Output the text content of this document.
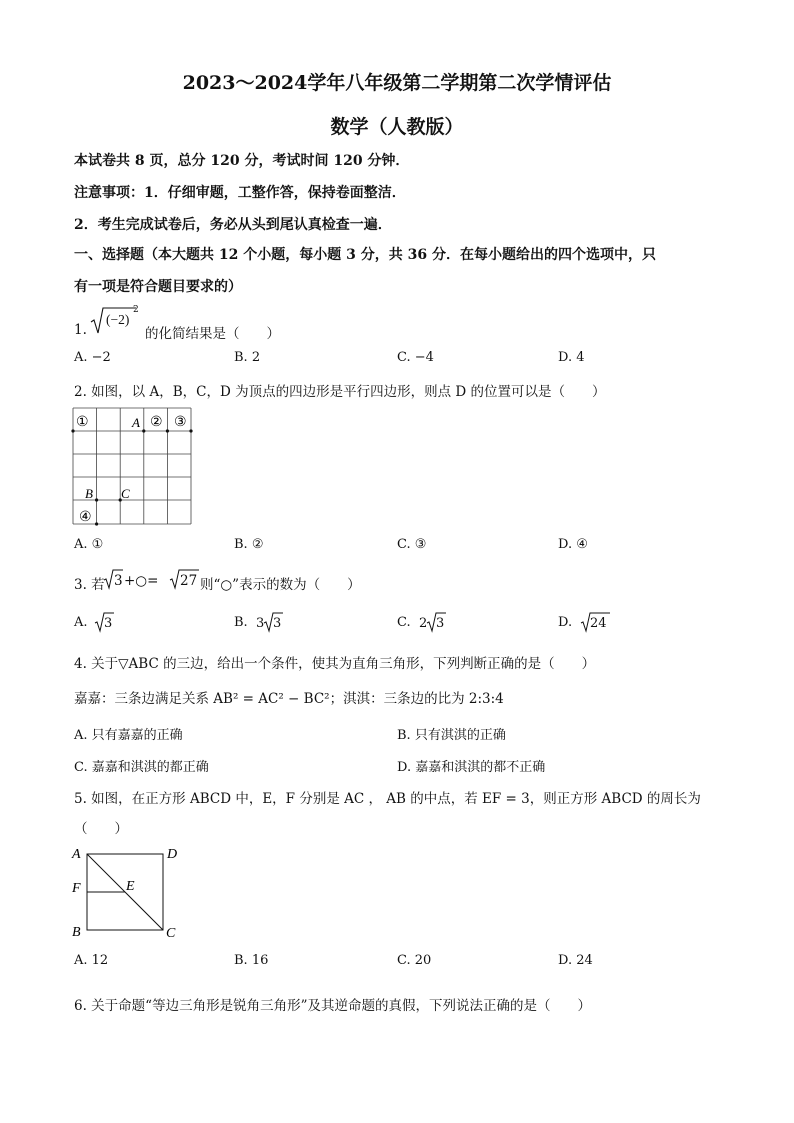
2023～2024学年八年级第二学期第二次学情评估
数学（人教版）
本试卷共 8 页，总分 120 分，考试时间 120 分钟．
注意事项：1．仔细审题，工整作答，保持卷面整洁．
2．考生完成试卷后，务必从头到尾认真检查一遍．
一、选择题（本大题共 12 个小题，每小题 3 分，共 36 分．在每小题给出的四个选项中，只
有一项是符合题目要求的）
1.
(−2)
2
的化简结果是（　　）
A. −2	B. 2	C. −4	D. 4
2. 如图，以 A，B，C，D 为顶点的四边形是平行四边形，则点 D 的位置可以是（　　）
①	A ② ③
B C
④
A. ①	B. ②	C. ③	D. ④
3. 若 3 +○= 27 则“○”表示的数为（　　）
A. 3	B. 3 3	C. 2 3	D. 24
4. 关于▽ABC 的三边，给出一个条件，使其为直角三角形，下列判断正确的是（　　）
嘉嘉：三条边满足关系 AB² = AC² − BC²；淇淇：三条边的比为 2:3:4
A. 只有嘉嘉的正确	B. 只有淇淇的正确
C. 嘉嘉和淇淇的都正确	D. 嘉嘉和淇淇的都不正确
5. 如图，在正方形 ABCD 中，E，F 分别是 AC ， AB 的中点，若 EF = 3，则正方形 ABCD 的周长为
（　　）
A	D
F	E
B	C
A. 12	B. 16	C. 20	D. 24
6. 关于命题“等边三角形是锐角三角形”及其逆命题的真假，下列说法正确的是（　　）
